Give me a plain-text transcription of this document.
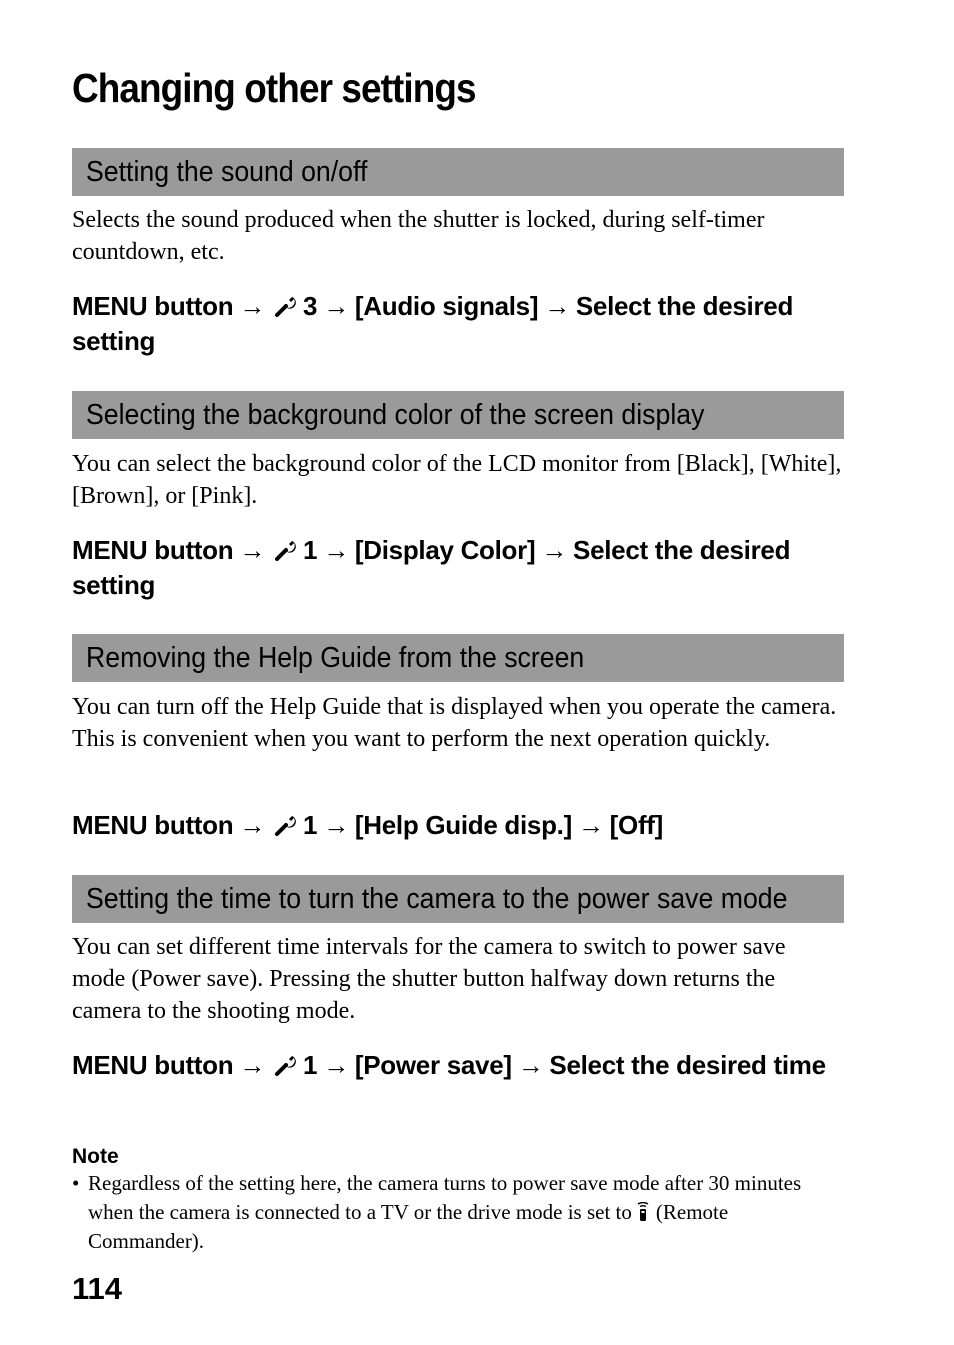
Changing other settings
Setting the sound on/off

Selects the sound produced when the shutter is locked, during self-timer countdown, etc.

MENU button → 3 → [Audio signals] → Select the desired setting

Selecting the background color of the screen display

You can select the background color of the LCD monitor from [Black], [White], [Brown], or [Pink].

MENU button → 1 → [Display Color] → Select the desired setting

Removing the Help Guide from the screen

You can turn off the Help Guide that is displayed when you operate the camera. This is convenient when you want to perform the next operation quickly.

MENU button → 1 → [Help Guide disp.] → [Off]

Setting the time to turn the camera to the power save mode

You can set different time intervals for the camera to switch to power save mode (Power save). Pressing the shutter button halfway down returns the camera to the shooting mode.

MENU button → 1 → [Power save] → Select the desired time

Note

• Regardless of the setting here, the camera turns to power save mode after 30 minutes when the camera is connected to a TV or the drive mode is set to (Remote Commander).

114
